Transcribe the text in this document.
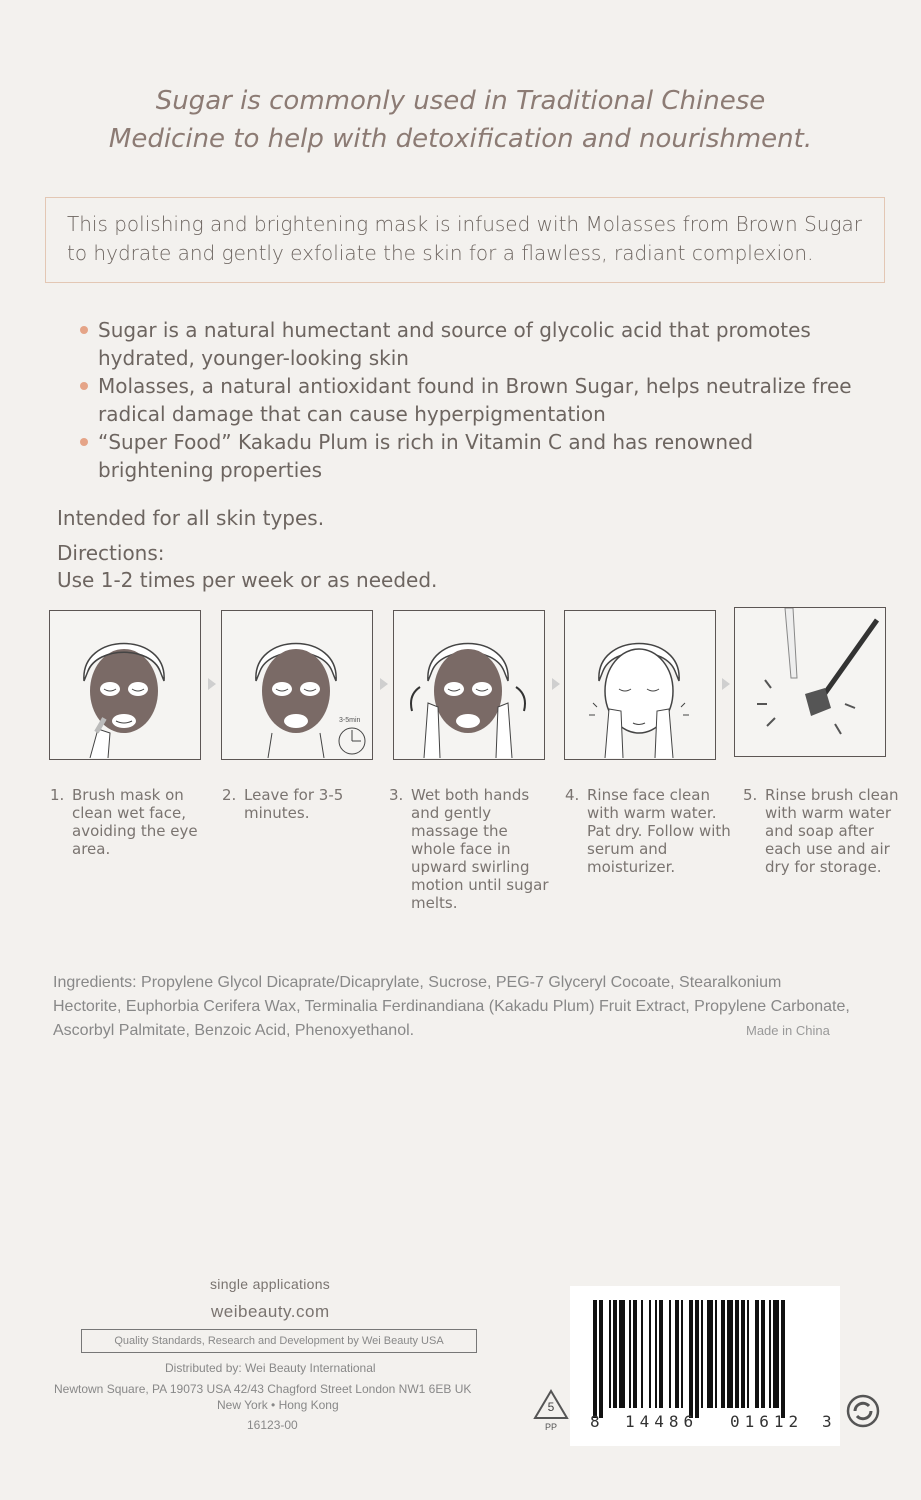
Sugar is commonly used in Traditional Chinese
Medicine to help with detoxification and nourishment.
This polishing and brightening mask is infused with Molasses from Brown Sugar to hydrate and gently exfoliate the skin for a flawless, radiant complexion.
Sugar is a natural humectant and source of glycolic acid that promotes hydrated, younger-looking skin
Molasses, a natural antioxidant found in Brown Sugar, helps neutralize free radical damage that can cause hyperpigmentation
“Super Food” Kakadu Plum is rich in Vitamin C and has renowned brightening properties
Intended for all skin types.
Directions:
Use 1-2 times per week or as needed.
3-5min
1. Brush mask on clean wet face, avoiding the eye area.
2. Leave for 3-5 minutes.
3. Wet both hands and gently massage the whole face in upward swirling motion until sugar melts.
4. Rinse face clean with warm water. Pat dry. Follow with serum and moisturizer.
5. Rinse brush clean with warm water and soap after each use and air dry for storage.
Ingredients: Propylene Glycol Dicaprate/Dicaprylate, Sucrose, PEG-7 Glyceryl Cocoate, Stearalkonium Hectorite, Euphorbia Cerifera Wax, Terminalia Ferdinandiana (Kakadu Plum) Fruit Extract, Propylene Carbonate, Ascorbyl Palmitate, Benzoic Acid, Phenoxyethanol.	Made in China
single applications
weibeauty.com
Quality Standards, Research and Development by Wei Beauty USA
Distributed by: Wei Beauty International
Newtown Square, PA 19073 USA 42/43 Chagford Street London NW1 6EB UK
New York • Hong Kong
16123-00
5
PP	8 14486 01612 3
